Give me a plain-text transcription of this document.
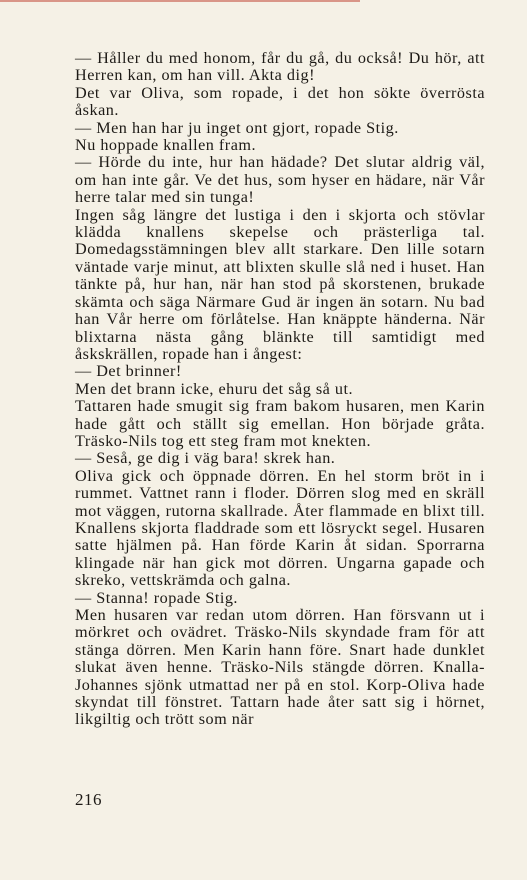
— Håller du med honom, får du gå, du också! Du hör, att Herren kan, om han vill. Akta dig!

Det var Oliva, som ropade, i det hon sökte överrösta åskan.

— Men han har ju inget ont gjort, ropade Stig.

Nu hoppade knallen fram.

— Hörde du inte, hur han hädade? Det slutar aldrig väl, om han inte går. Ve det hus, som hyser en hädare, när Vår herre talar med sin tunga!

Ingen såg längre det lustiga i den i skjorta och stövlar klädda knallens skepelse och prästerliga tal. Domedagsstämningen blev allt starkare. Den lille sotarn väntade varje minut, att blixten skulle slå ned i huset. Han tänkte på, hur han, när han stod på skorstenen, brukade skämta och säga Närmare Gud är ingen än sotarn. Nu bad han Vår herre om förlåtelse. Han knäppte händerna. När blixtarna nästa gång blänkte till samtidigt med åskskrällen, ropade han i ångest:

— Det brinner!

Men det brann icke, ehuru det såg så ut.

Tattaren hade smugit sig fram bakom husaren, men Karin hade gått och ställt sig emellan. Hon började gråta. Träsko-Nils tog ett steg fram mot knekten.

— Seså, ge dig i väg bara! skrek han.

Oliva gick och öppnade dörren. En hel storm bröt in i rummet. Vattnet rann i floder. Dörren slog med en skräll mot väggen, rutorna skallrade. Åter flammade en blixt till. Knallens skjorta fladdrade som ett lösryckt segel. Husaren satte hjälmen på. Han förde Karin åt sidan. Sporrarna klingade när han gick mot dörren. Ungarna gapade och skreko, vettskrämda och galna.

— Stanna! ropade Stig.

Men husaren var redan utom dörren. Han försvann ut i mörkret och ovädret. Träsko-Nils skyndade fram för att stänga dörren. Men Karin hann före. Snart hade dunklet slukat även henne. Träsko-Nils stängde dörren. Knalla-Johannes sjönk utmattad ner på en stol. Korp-Oliva hade skyndat till fönstret. Tattarn hade åter satt sig i hörnet, likgiltig och trött som när

216
